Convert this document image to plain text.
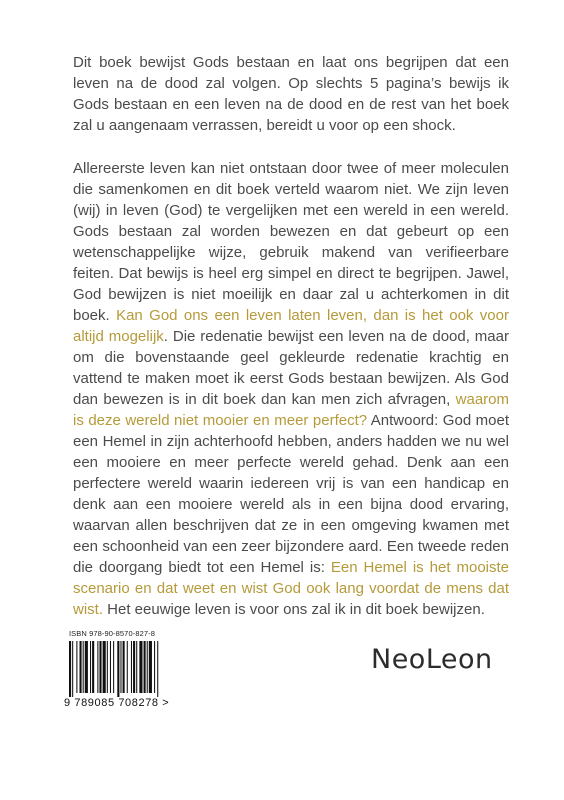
Dit boek bewijst Gods bestaan en laat ons begrijpen dat een leven na de dood zal volgen. Op slechts 5 pagina’s bewijs ik Gods bestaan en een leven na de dood en de rest van het boek zal u aangenaam verrassen, bereidt u voor op een shock.

Allereerste leven kan niet ontstaan door twee of meer moleculen die samenkomen en dit boek verteld waarom niet. We zijn leven (wij) in leven (God) te vergelijken met een wereld in een wereld. Gods bestaan zal worden bewezen en dat gebeurt op een wetenschappelijke wijze, gebruik makend van verifieerbare feiten. Dat bewijs is heel erg simpel en direct te begrijpen. Jawel, God bewijzen is niet moeilijk en daar zal u achterkomen in dit boek. Kan God ons een leven laten leven, dan is het ook voor altijd mogelijk. Die redenatie bewijst een leven na de dood, maar om die bovenstaande geel gekleurde redenatie krachtig en vattend te maken moet ik eerst Gods bestaan bewijzen. Als God dan bewezen is in dit boek dan kan men zich afvragen, waarom is deze wereld niet mooier en meer perfect? Antwoord: God moet een Hemel in zijn achterhoofd hebben, anders hadden we nu wel een mooiere en meer perfecte wereld gehad. Denk aan een perfectere wereld waarin iedereen vrij is van een handicap en denk aan een mooiere wereld als in een bijna dood ervaring, waarvan allen beschrijven dat ze in een omgeving kwamen met een schoonheid van een zeer bijzondere aard. Een tweede reden die doorgang biedt tot een Hemel is: Een Hemel is het mooiste scenario en dat weet en wist God ook lang voordat de mens dat wist. Het eeuwige leven is voor ons zal ik in dit boek bewijzen.

ISBN 978-90-8570-827-8
9 789085 708278 >
NeoLeon
